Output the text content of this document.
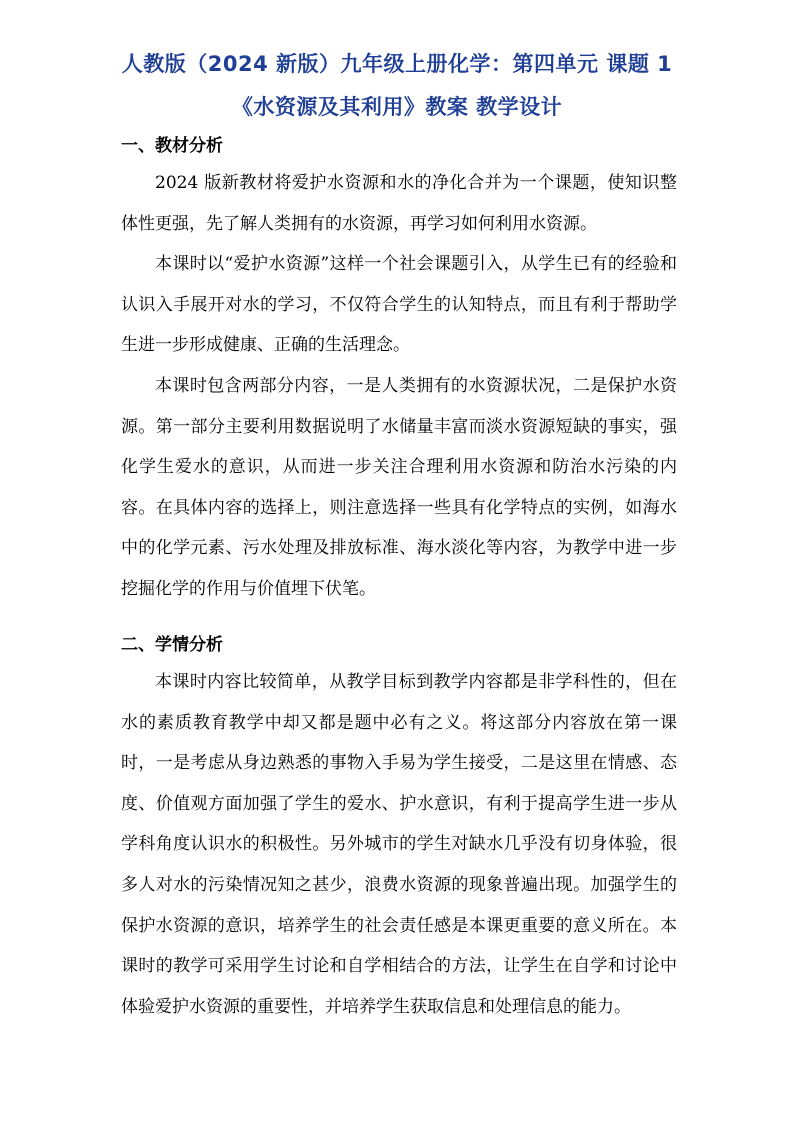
人教版（2024 新版）九年级上册化学：第四单元 课题 1
《水资源及其利用》教案 教学设计
一、教材分析

2024 版新教材将爱护水资源和水的净化合并为一个课题，使知识整体性更强，先了解人类拥有的水资源，再学习如何利用水资源。

本课时以“爱护水资源”这样一个社会课题引入，从学生已有的经验和认识入手展开对水的学习，不仅符合学生的认知特点，而且有利于帮助学生进一步形成健康、正确的生活理念。

本课时包含两部分内容，一是人类拥有的水资源状况，二是保护水资源。第一部分主要利用数据说明了水储量丰富而淡水资源短缺的事实，强化学生爱水的意识，从而进一步关注合理利用水资源和防治水污染的内容。在具体内容的选择上，则注意选择一些具有化学特点的实例，如海水中的化学元素、污水处理及排放标准、海水淡化等内容，为教学中进一步挖掘化学的作用与价值埋下伏笔。

二、学情分析

本课时内容比较简单，从教学目标到教学内容都是非学科性的，但在水的素质教育教学中却又都是题中必有之义。将这部分内容放在第一课时，一是考虑从身边熟悉的事物入手易为学生接受，二是这里在情感、态度、价值观方面加强了学生的爱水、护水意识，有利于提高学生进一步从学科角度认识水的积极性。另外城市的学生对缺水几乎没有切身体验，很多人对水的污染情况知之甚少，浪费水资源的现象普遍出现。加强学生的保护水资源的意识，培养学生的社会责任感是本课更重要的意义所在。本课时的教学可采用学生讨论和自学相结合的方法，让学生在自学和讨论中体验爱护水资源的重要性，并培养学生获取信息和处理信息的能力。
